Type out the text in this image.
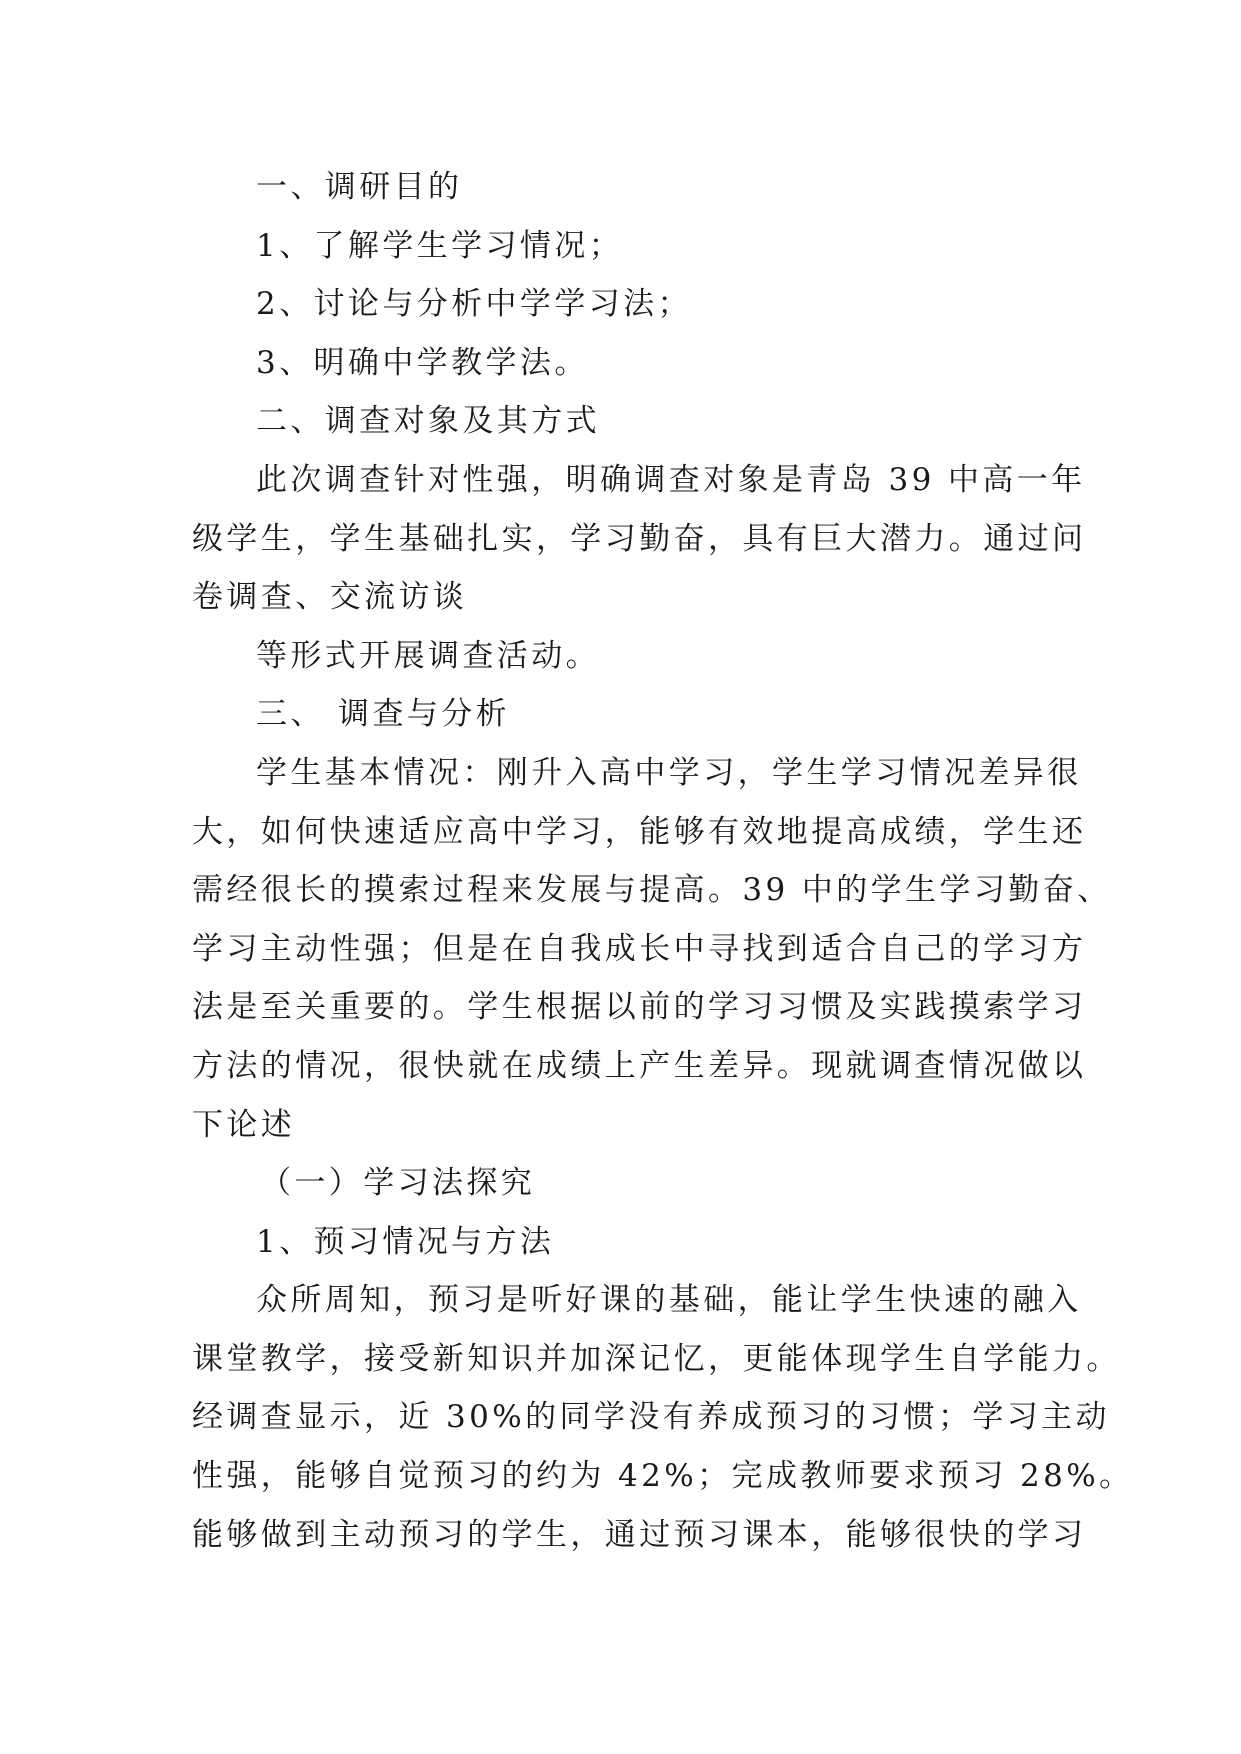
一、调研目的
1、了解学生学习情况；
2、讨论与分析中学学习法；
3、明确中学教学法。
二、调查对象及其方式
此次调查针对性强，明确调查对象是青岛 39 中高一年
级学生，学生基础扎实，学习勤奋，具有巨大潜力。通过问
卷调查、交流访谈
等形式开展调查活动。
三、 调查与分析
学生基本情况：刚升入高中学习，学生学习情况差异很
大，如何快速适应高中学习，能够有效地提高成绩，学生还
需经很长的摸索过程来发展与提高。39 中的学生学习勤奋、
学习主动性强；但是在自我成长中寻找到适合自己的学习方
法是至关重要的。学生根据以前的学习习惯及实践摸索学习
方法的情况，很快就在成绩上产生差异。现就调查情况做以
下论述
（一）学习法探究
1、预习情况与方法
众所周知，预习是听好课的基础，能让学生快速的融入
课堂教学，接受新知识并加深记忆，更能体现学生自学能力。
经调查显示，近 30%的同学没有养成预习的习惯；学习主动
性强，能够自觉预习的约为 42%；完成教师要求预习 28%。
能够做到主动预习的学生，通过预习课本，能够很快的学习
